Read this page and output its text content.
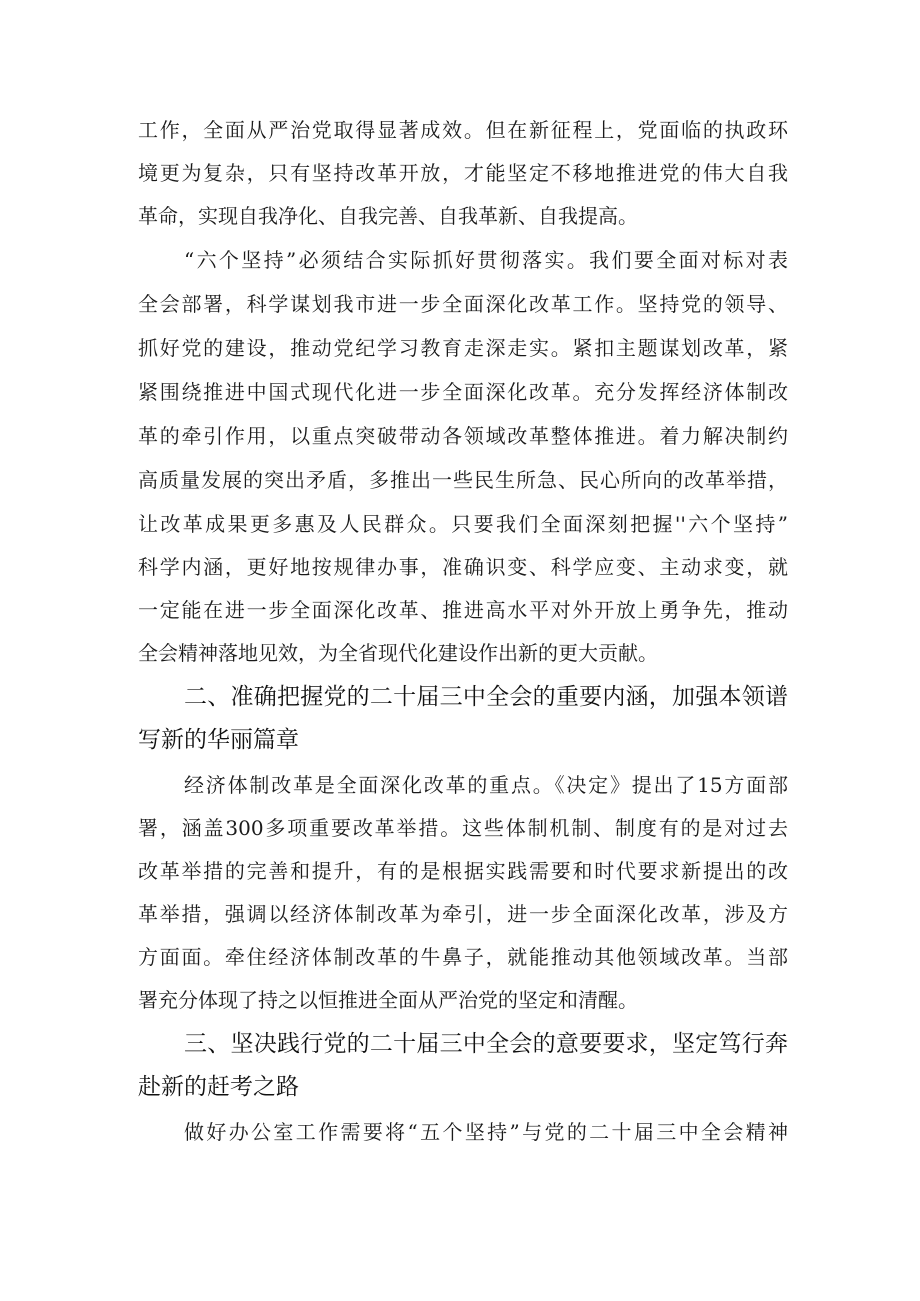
工作，全面从严治党取得显著成效。但在新征程上，党面临的执政环
境更为复杂，只有坚持改革开放，才能坚定不移地推进党的伟大自我
革命，实现自我净化、自我完善、自我革新、自我提高。
“六个坚持”必须结合实际抓好贯彻落实。我们要全面对标对表
全会部署，科学谋划我市进一步全面深化改革工作。坚持党的领导、
抓好党的建设，推动党纪学习教育走深走实。紧扣主题谋划改革，紧
紧围绕推进中国式现代化进一步全面深化改革。充分发挥经济体制改
革的牵引作用，以重点突破带动各领域改革整体推进。着力解决制约
高质量发展的突出矛盾，多推出一些民生所急、民心所向的改革举措，
让改革成果更多惠及人民群众。只要我们全面深刻把握''六个坚持”
科学内涵，更好地按规律办事，准确识变、科学应变、主动求变，就
一定能在进一步全面深化改革、推进高水平对外开放上勇争先，推动
全会精神落地见效，为全省现代化建设作出新的更大贡献。
二、准确把握党的二十届三中全会的重要内涵，加强本领谱
写新的华丽篇章
经济体制改革是全面深化改革的重点。《决定》提出了15方面部
署，涵盖300多项重要改革举措。这些体制机制、制度有的是对过去
改革举措的完善和提升，有的是根据实践需要和时代要求新提出的改
革举措，强调以经济体制改革为牵引，进一步全面深化改革，涉及方
方面面。牵住经济体制改革的牛鼻子，就能推动其他领域改革。当部
署充分体现了持之以恒推进全面从严治党的坚定和清醒。
三、坚决践行党的二十届三中全会的意要要求，坚定笃行奔
赴新的赶考之路
做好办公室工作需要将“五个坚持”与党的二十届三中全会精神
